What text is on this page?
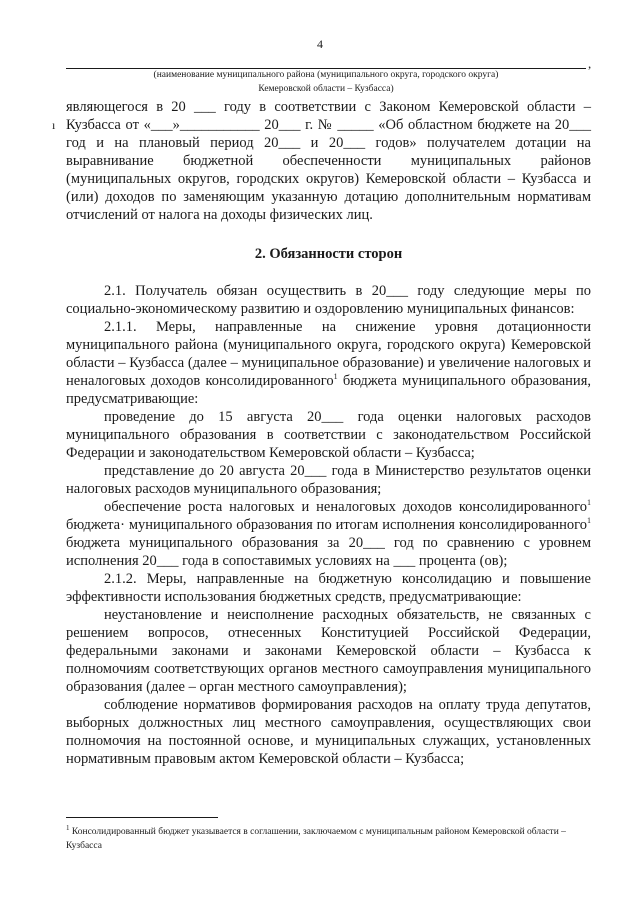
4
,
(наименование муниципального района (муниципального округа, городского округа)
Кемеровской области – Кузбасса)
ı

являющегося в 20 ___ году в соответствии с Законом Кемеровской области – Кузбасса от «___»___________ 20___ г. № _____ «Об областном бюджете на 20___ год и на плановый период 20___ и 20___ годов» получателем дотации на выравнивание бюджетной обеспеченности муниципальных районов (муниципальных округов, городских округов) Кемеровской области – Кузбасса и (или) доходов по заменяющим указанную дотацию дополнительным нормативам отчислений от налога на доходы физических лиц.

2. Обязанности сторон

2.1. Получатель обязан осуществить в 20___ году следующие меры по социально-экономическому развитию и оздоровлению муниципальных финансов:

2.1.1. Меры, направленные на снижение уровня дотационности муниципального района (муниципального округа, городского округа) Кемеровской области – Кузбасса (далее – муниципальное образование) и увеличение налоговых и неналоговых доходов консолидированного$^1$ бюджета муниципального образования, предусматривающие:

проведение до 15 августа 20___ года оценки налоговых расходов муниципального образования в соответствии с законодательством Российской Федерации и законодательством Кемеровской области – Кузбасса;

представление до 20 августа 20___ года в Министерство результатов оценки налоговых расходов муниципального образования;

обеспечение роста налоговых и неналоговых доходов консолидированного$^1$ бюджета· муниципального образования по итогам исполнения консолидированного$^1$ бюджета муниципального образования за 20___ год по сравнению с уровнем исполнения 20___ года в сопоставимых условиях на ___ процента (ов);

2.1.2. Меры, направленные на бюджетную консолидацию и повышение эффективности использования бюджетных средств, предусматривающие:

неустановление и неисполнение расходных обязательств, не связанных с решением вопросов, отнесенных Конституцией Российской Федерации, федеральными законами и законами Кемеровской области – Кузбасса к полномочиям соответствующих органов местного самоуправления муниципального образования (далее – орган местного самоуправления);

соблюдение нормативов формирования расходов на оплату труда депутатов, выборных должностных лиц местного самоуправления, осуществляющих свои полномочия на постоянной основе, и муниципальных служащих, установленных нормативным правовым актом Кемеровской области – Кузбасса;

$^1$ Консолидированный бюджет указывается в соглашении, заключаемом с муниципальным районом Кемеровской области – Кузбасса
